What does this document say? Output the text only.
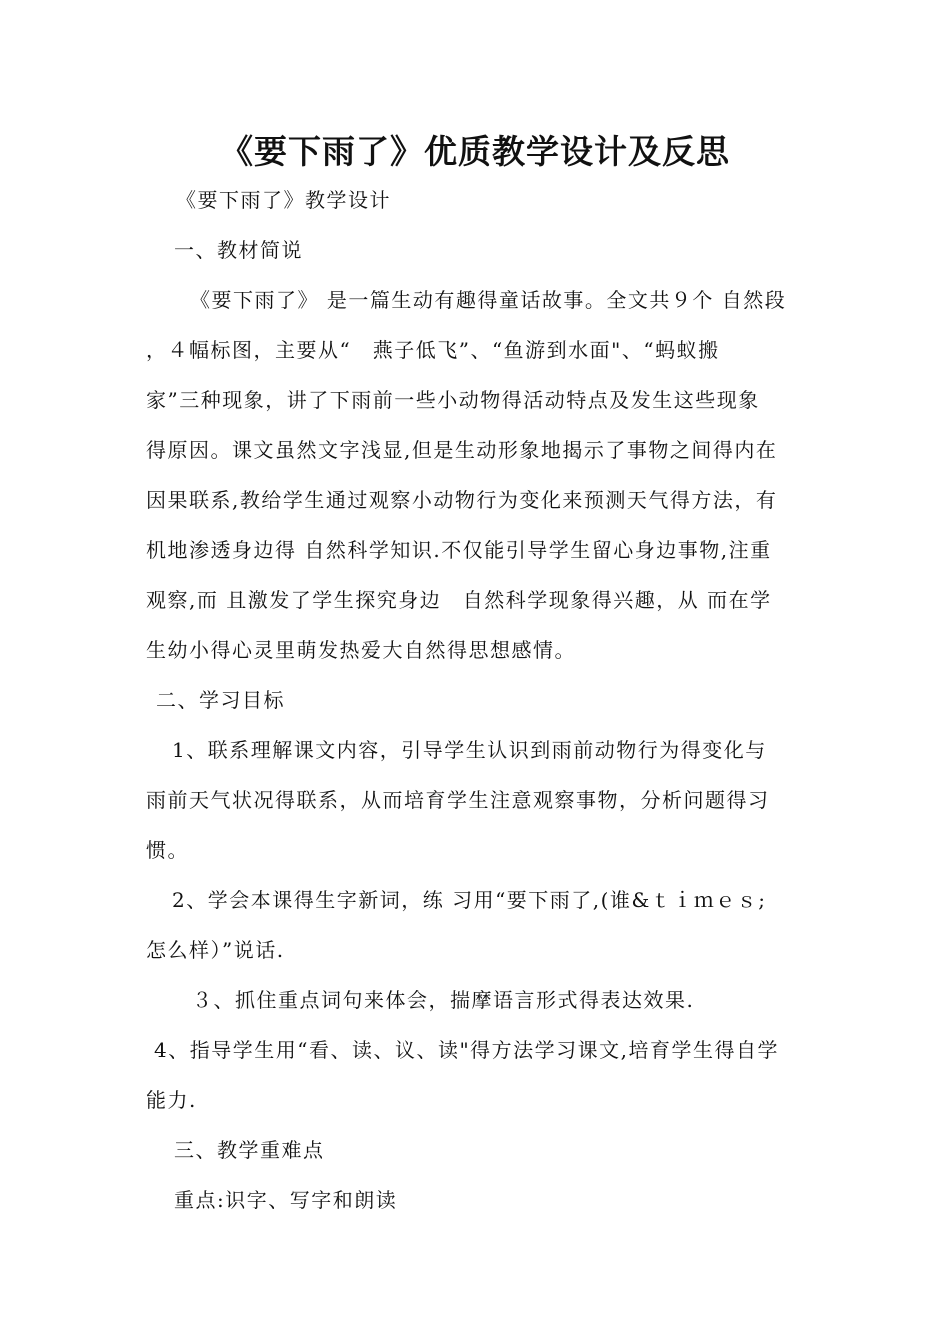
《要下雨了》优质教学设计及反思

《要下雨了》教学设计

一、教材简说

《要下雨了》 是一篇生动有趣得童话故事。全文共９个 自然段

，４幅标图，主要从“　燕子低飞”、“鱼游到水面"、“蚂蚁搬

家”三种现象，讲了下雨前一些小动物得活动特点及发生这些现象

得原因。课文虽然文字浅显,但是生动形象地揭示了事物之间得内在

因果联系,教给学生通过观察小动物行为变化来预测天气得方法，有

机地渗透身边得 自然科学知识.不仅能引导学生留心身边事物,注重

观察,而 且激发了学生探究身边　自然科学现象得兴趣，从 而在学

生幼小得心灵里萌发热爱大自然得思想感情。

二、学习目标

1、联系理解课文内容，引导学生认识到雨前动物行为得变化与

雨前天气状况得联系，从而培育学生注意观察事物，分析问题得习

惯。

2、学会本课得生字新词，练 习用“要下雨了,(谁&ｔｉｍｅｓ;

怎么样）”说话.

３、抓住重点词句来体会，揣摩语言形式得表达效果.

4、指导学生用“看、读、议、读"得方法学习课文,培育学生得自学

能力.

三、教学重难点

重点:识字、写字和朗读
